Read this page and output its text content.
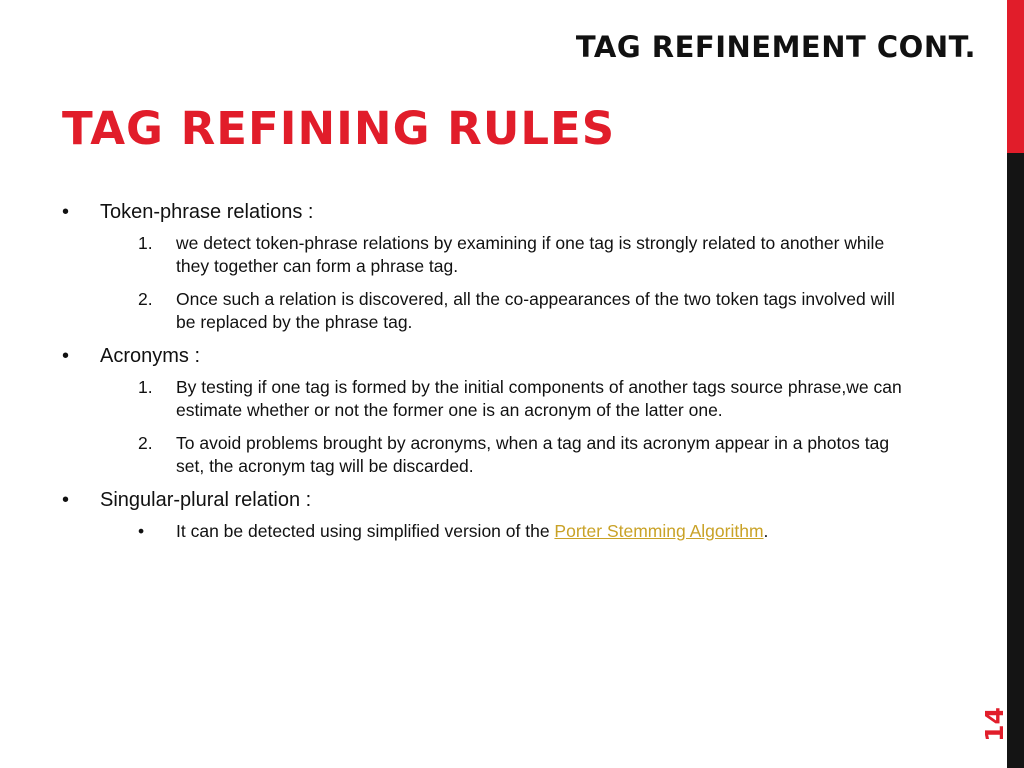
TAG REFINEMENT CONT.
TAG REFINING RULES
•	Token-phrase relations :
1.	we detect token-phrase relations by examining if one tag is strongly related to another while they together can form a phrase tag.
2.	Once such a relation is discovered, all the co-appearances of the two token tags involved will be replaced by the phrase tag.
•	Acronyms :
1.	By testing if one tag is formed by the initial components of another tags source phrase,we can estimate whether or not the former one is an acronym of the latter one.
2.	To avoid problems brought by acronyms, when a tag and its acronym appear in a photos tag set, the acronym tag will be discarded.
•	Singular-plural relation :
•	It can be detected using simplified version of the Porter Stemming Algorithm.
14
